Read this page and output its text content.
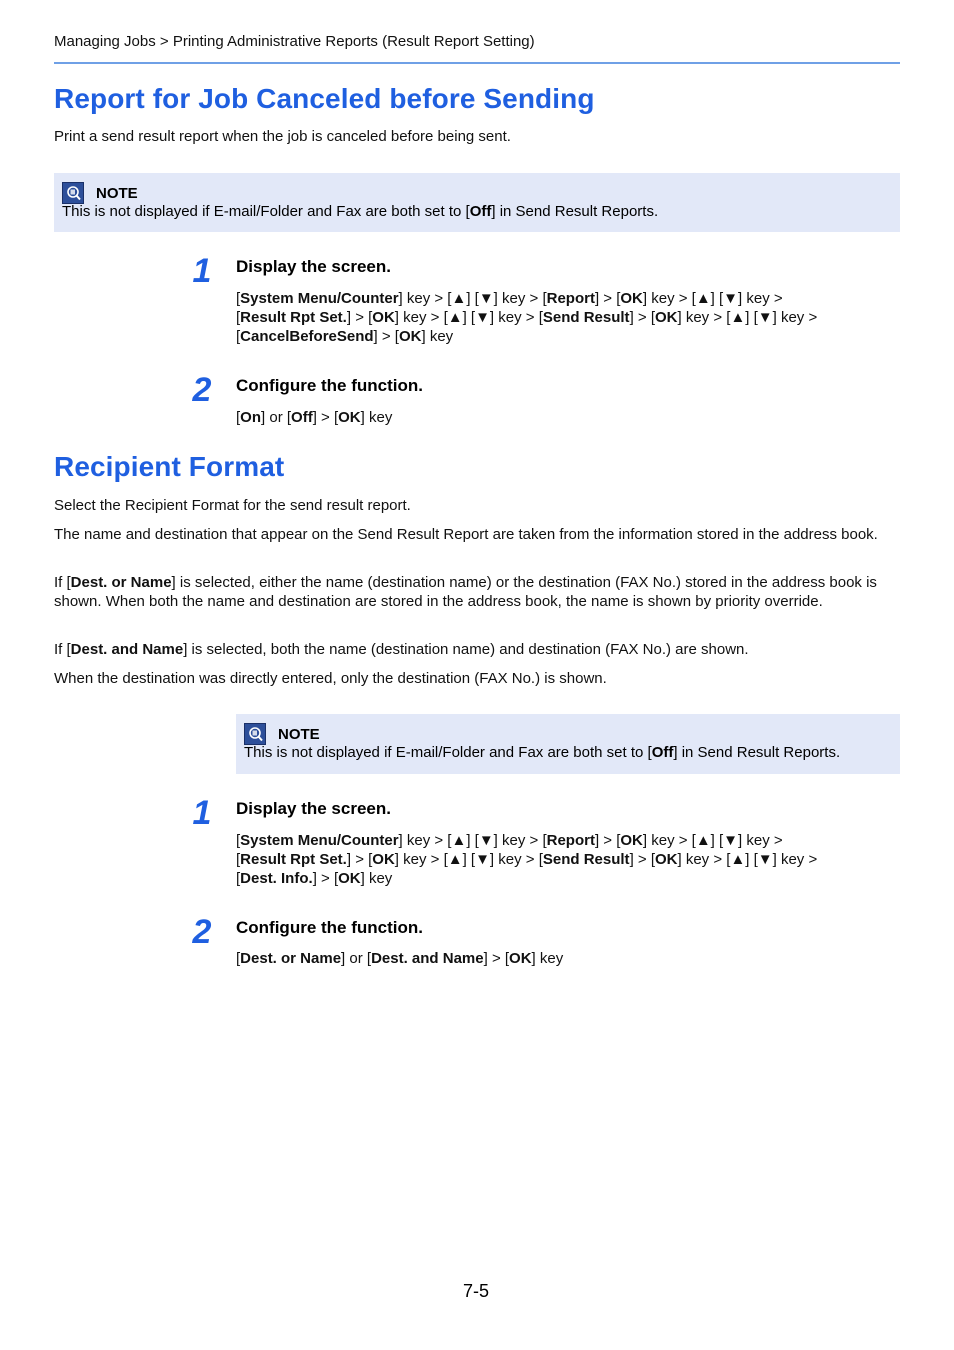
Managing Jobs > Printing Administrative Reports (Result Report Setting)
Report for Job Canceled before Sending
Print a send result report when the job is canceled before being sent.
NOTE
This is not displayed if E-mail/Folder and Fax are both set to [Off] in Send Result Reports.
1	Display the screen.
[System Menu/Counter] key > [▲] [▼] key > [Report] > [OK] key > [▲] [▼] key >
[Result Rpt Set.] > [OK] key > [▲] [▼] key > [Send Result] > [OK] key > [▲] [▼] key >
[CancelBeforeSend] > [OK] key
2	Configure the function.
[On] or [Off] > [OK] key
Recipient Format
Select the Recipient Format for the send result report.
The name and destination that appear on the Send Result Report are taken from the information stored in the address book.
If [Dest. or Name] is selected, either the name (destination name) or the destination (FAX No.) stored in the address book is shown. When both the name and destination are stored in the address book, the name is shown by priority override.
If [Dest. and Name] is selected, both the name (destination name) and destination (FAX No.) are shown.
When the destination was directly entered, only the destination (FAX No.) is shown.
NOTE
This is not displayed if E-mail/Folder and Fax are both set to [Off] in Send Result Reports.
1	Display the screen.
[System Menu/Counter] key > [▲] [▼] key > [Report] > [OK] key > [▲] [▼] key >
[Result Rpt Set.] > [OK] key > [▲] [▼] key > [Send Result] > [OK] key > [▲] [▼] key >
[Dest. Info.] > [OK] key
2	Configure the function.
[Dest. or Name] or [Dest. and Name] > [OK] key
7-5
